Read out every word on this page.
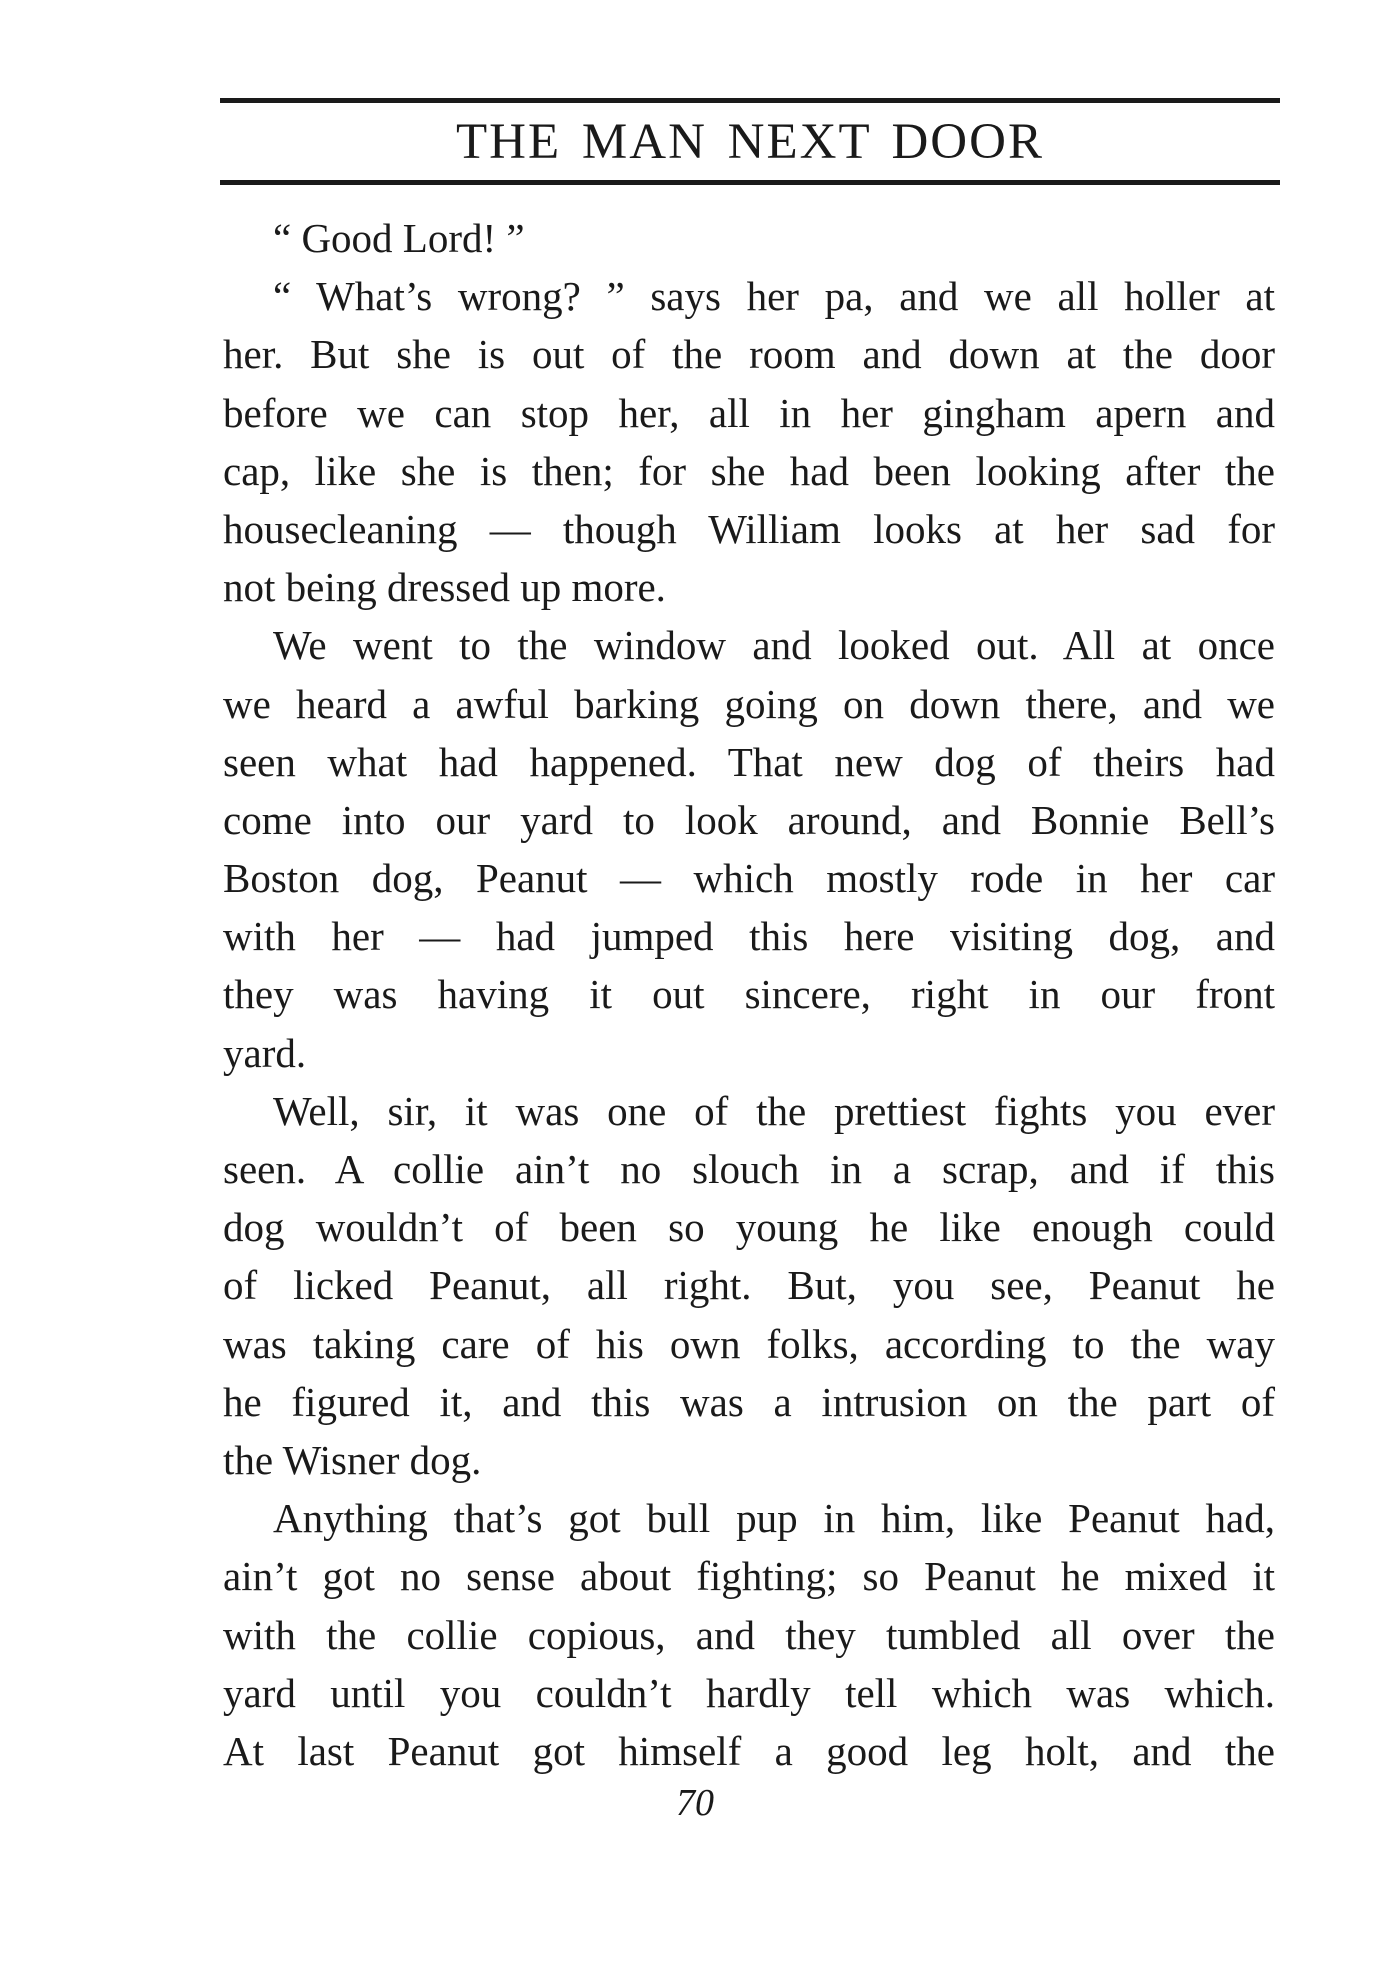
THE MAN NEXT DOOR
“ Good Lord! ”
“ What’s wrong? ” says her pa, and we all holler at
her. But she is out of the room and down at the door
before we can stop her, all in her gingham apern and
cap, like she is then; for she had been looking after the
housecleaning — though William looks at her sad for
not being dressed up more.
We went to the window and looked out. All at once
we heard a awful barking going on down there, and we
seen what had happened. That new dog of theirs had
come into our yard to look around, and Bonnie Bell’s
Boston dog, Peanut — which mostly rode in her car
with her — had jumped this here visiting dog, and
they was having it out sincere, right in our front
yard.
Well, sir, it was one of the prettiest fights you ever
seen. A collie ain’t no slouch in a scrap, and if this
dog wouldn’t of been so young he like enough could
of licked Peanut, all right. But, you see, Peanut he
was taking care of his own folks, according to the way
he figured it, and this was a intrusion on the part of
the Wisner dog.
Anything that’s got bull pup in him, like Peanut had,
ain’t got no sense about fighting; so Peanut he mixed it
with the collie copious, and they tumbled all over the
yard until you couldn’t hardly tell which was which.
At last Peanut got himself a good leg holt, and the
70
